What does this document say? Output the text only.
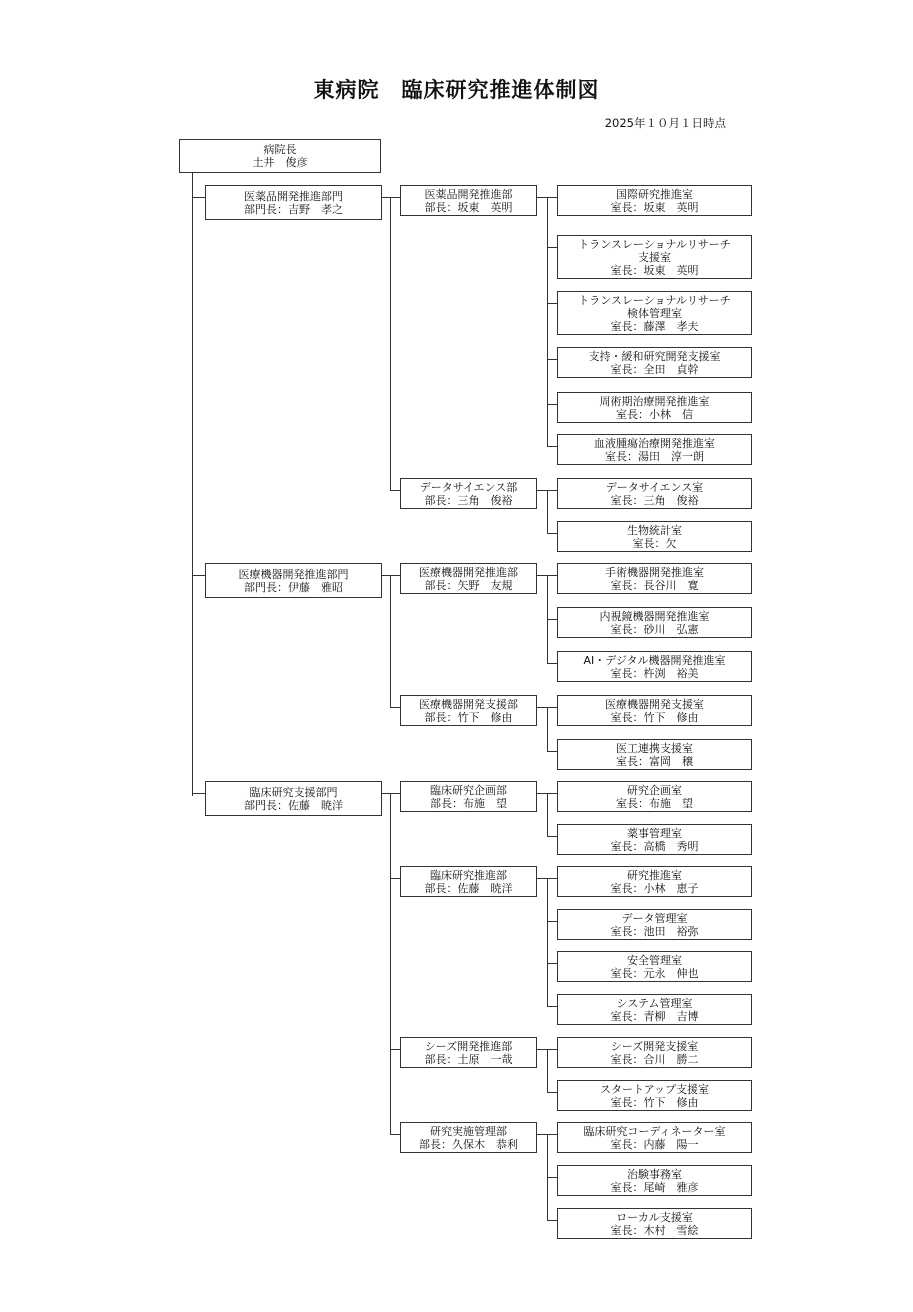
東病院　臨床研究推進体制図
2025年１０月１日時点
病院長
土井　俊彦
医薬品開発推進部門
部門長：吉野　孝之
医薬品開発推進部
部長：坂東　英明
国際研究推進室
室長：坂東　英明
トランスレーショナルリサーチ
支援室
室長：坂東　英明
トランスレーショナルリサーチ
検体管理室
室長：藤澤　孝夫
支持・緩和研究開発支援室
室長：全田　貞幹
周術期治療開発推進室
室長：小林　信
血液腫瘍治療開発推進室
室長：湯田　淳一朗
データサイエンス部
部長：三角　俊裕
データサイエンス室
室長：三角　俊裕
生物統計室
室長：欠
医療機器開発推進部門
部門長：伊藤　雅昭
医療機器開発推進部
部長：矢野　友規
手術機器開発推進室
室長：長谷川　寛
内視鏡機器開発推進室
室長：砂川　弘憲
AI・デジタル機器開発推進室
室長：杵渕　裕美
医療機器開発支援部
部長：竹下　修由
医療機器開発支援室
室長：竹下　修由
医工連携支援室
室長：富岡　穣
臨床研究支援部門
部門長：佐藤　暁洋
臨床研究企画部
部長：布施　望
研究企画室
室長：布施　望
薬事管理室
室長：高橋　秀明
臨床研究推進部
部長：佐藤　暁洋
研究推進室
室長：小林　恵子
データ管理室
室長：池田　裕弥
安全管理室
室長：元永　伸也
システム管理室
室長：青柳　吉博
シーズ開発推進部
部長：土原　一哉
シーズ開発支援室
室長：合川　勝二
スタートアップ支援室
室長：竹下　修由
研究実施管理部
部長：久保木　恭利
臨床研究コーディネーター室
室長：内藤　陽一
治験事務室
室長：尾崎　雅彦
ローカル支援室
室長：木村　雪絵
